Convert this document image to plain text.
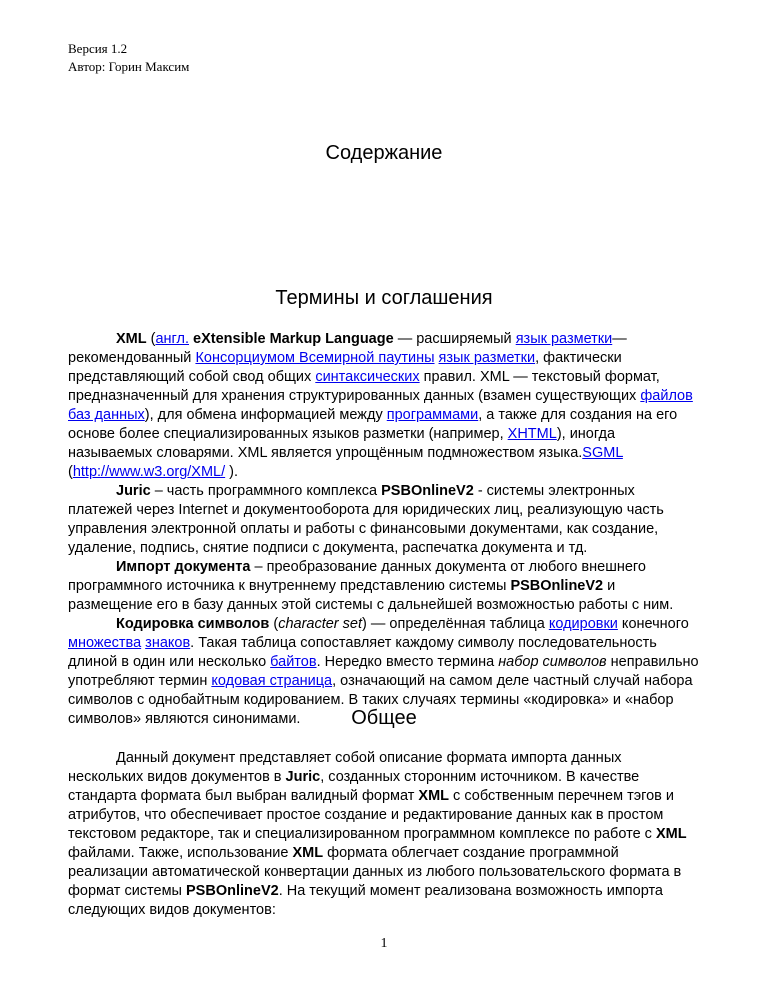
Версия 1.2
Автор: Горин Максим
Содержание
Термины и соглашения

XML (англ. eXtensible Markup Language — расширяемый язык разметки— рекомендованный Консорциумом Всемирной паутины язык разметки, фактически представляющий собой свод общих синтаксических правил. XML — текстовый формат, предназначенный для хранения структурированных данных (взамен существующих файлов баз данных), для обмена информацией между программами, а также для создания на его основе более специализированных языков разметки (например, XHTML), иногда называемых словарями. XML является упрощённым подмножеством языка.SGML (http://www.w3.org/XML/ ).

Juric – часть программного комплекса PSBOnlineV2 - системы электронных платежей через Internet и документооборота для юридических лиц, реализующую часть управления электронной оплаты и работы с финансовыми документами, как создание, удаление, подпись, снятие подписи с документа, распечатка документа и тд.

Импорт документа – преобразование данных документа от любого внешнего программного источника к внутреннему представлению системы PSBOnlineV2 и размещение его в базу данных этой системы с дальнейшей возможностью работы с ним.

Кодировка символов (character set) — определённая таблица кодировки конечного множества знаков. Такая таблица сопоставляет каждому символу последовательность длиной в один или несколько байтов. Нередко вместо термина набор символов неправильно употребляют термин кодовая страница, означающий на самом деле частный случай набора символов с однобайтным кодированием. В таких случаях термины «кодировка» и «набор символов» являются синонимами.	Общее

Данный документ представляет собой описание формата импорта данных нескольких видов документов в Juric, созданных сторонним источником. В качестве стандарта формата был выбран валидный формат XML с собственным перечнем тэгов и атрибутов, что обеспечивает простое создание и редактирование данных как в простом текстовом редакторе, так и специализированном программном комплексе по работе с XML файлами. Также, использование XML формата облегчает создание программной реализации автоматической конвертации данных из любого пользовательского формата в формат системы PSBOnlineV2. На текущий момент реализована возможность импорта следующих видов документов:

1
